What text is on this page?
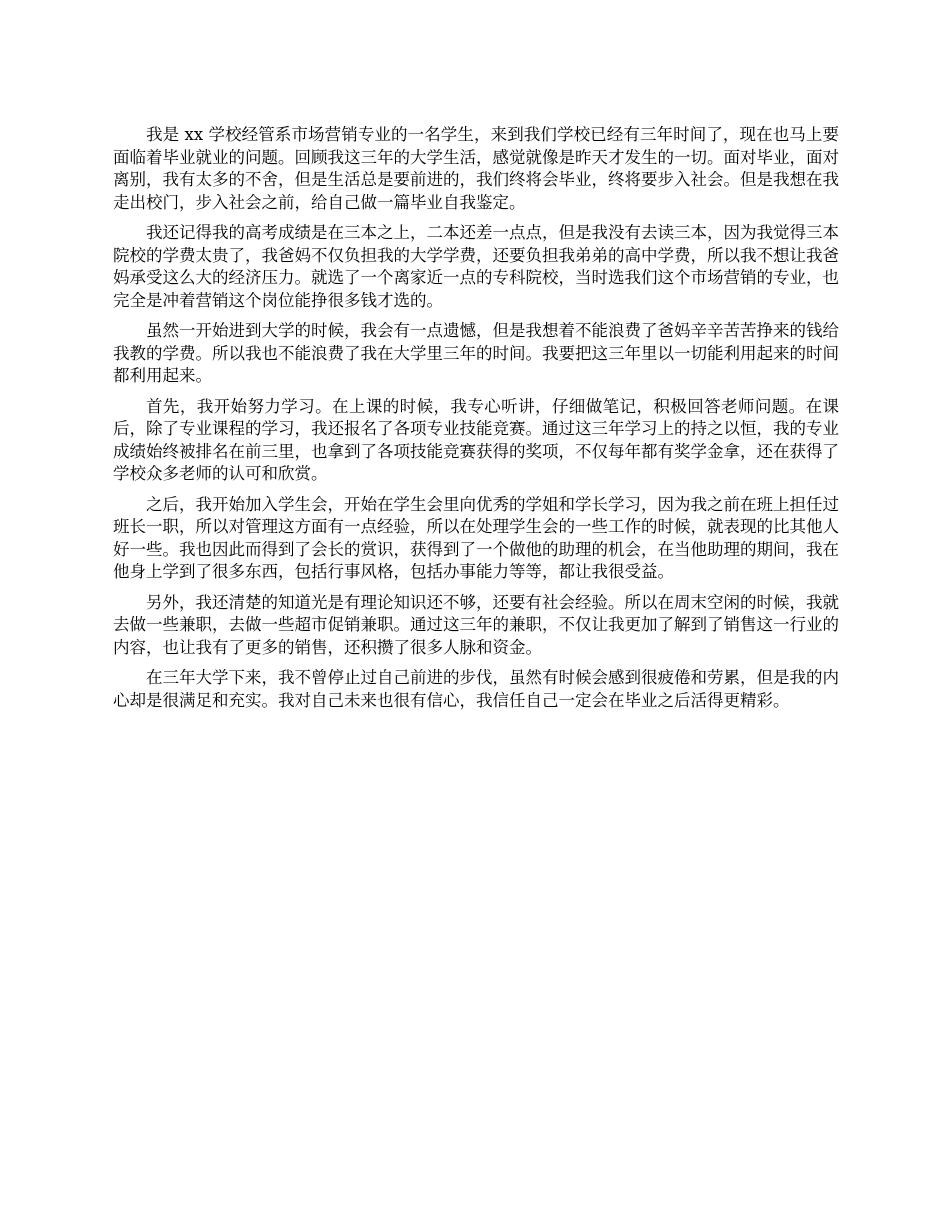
我是 xx 学校经管系市场营销专业的一名学生，来到我们学校已经有三年时间了，现在也马上要面临着毕业就业的问题。回顾我这三年的大学生活，感觉就像是昨天才发生的一切。面对毕业，面对离别，我有太多的不舍，但是生活总是要前进的，我们终将会毕业，终将要步入社会。但是我想在我走出校门，步入社会之前，给自己做一篇毕业自我鉴定。

我还记得我的高考成绩是在三本之上，二本还差一点点，但是我没有去读三本，因为我觉得三本院校的学费太贵了，我爸妈不仅负担我的大学学费，还要负担我弟弟的高中学费，所以我不想让我爸妈承受这么大的经济压力。就选了一个离家近一点的专科院校，当时选我们这个市场营销的专业，也完全是冲着营销这个岗位能挣很多钱才选的。

虽然一开始进到大学的时候，我会有一点遗憾，但是我想着不能浪费了爸妈辛辛苦苦挣来的钱给我教的学费。所以我也不能浪费了我在大学里三年的时间。我要把这三年里以一切能利用起来的时间都利用起来。

首先，我开始努力学习。在上课的时候，我专心听讲，仔细做笔记，积极回答老师问题。在课后，除了专业课程的学习，我还报名了各项专业技能竞赛。通过这三年学习上的持之以恒，我的专业成绩始终被排名在前三里，也拿到了各项技能竞赛获得的奖项，不仅每年都有奖学金拿，还在获得了学校众多老师的认可和欣赏。

之后，我开始加入学生会，开始在学生会里向优秀的学姐和学长学习，因为我之前在班上担任过班长一职，所以对管理这方面有一点经验，所以在处理学生会的一些工作的时候，就表现的比其他人好一些。我也因此而得到了会长的赏识，获得到了一个做他的助理的机会，在当他助理的期间，我在他身上学到了很多东西，包括行事风格，包括办事能力等等，都让我很受益。

另外，我还清楚的知道光是有理论知识还不够，还要有社会经验。所以在周末空闲的时候，我就去做一些兼职，去做一些超市促销兼职。通过这三年的兼职，不仅让我更加了解到了销售这一行业的内容，也让我有了更多的销售，还积攒了很多人脉和资金。

在三年大学下来，我不曾停止过自己前进的步伐，虽然有时候会感到很疲倦和劳累，但是我的内心却是很满足和充实。我对自己未来也很有信心，我信任自己一定会在毕业之后活得更精彩。
